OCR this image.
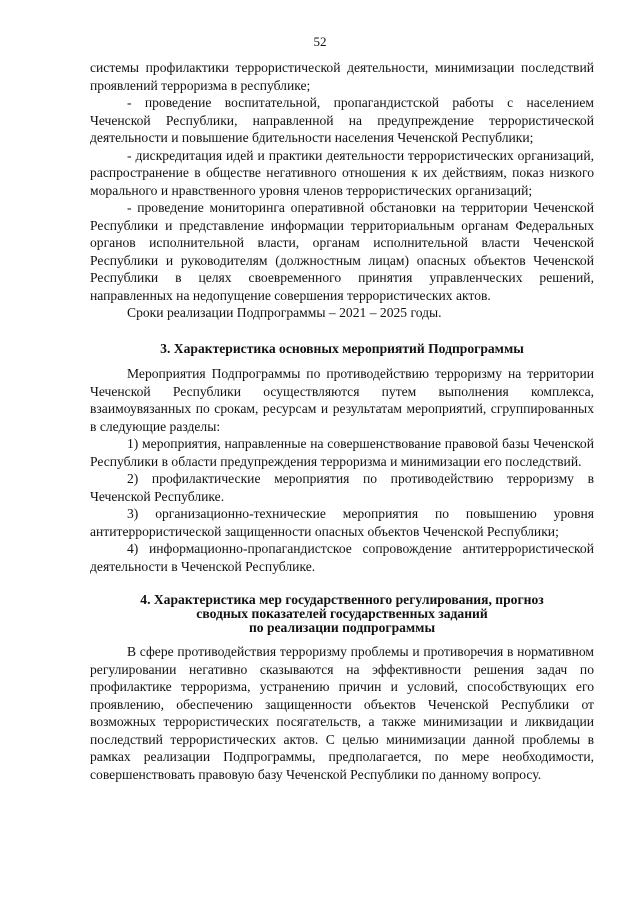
52

системы профилактики террористической деятельности, минимизации последствий проявлений терроризма в республике;

- проведение воспитательной, пропагандистской работы с населением Чеченской Республики, направленной на предупреждение террористической деятельности и повышение бдительности населения Чеченской Республики;

- дискредитация идей и практики деятельности террористических организаций, распространение в обществе негативного отношения к их действиям, показ низкого морального и нравственного уровня членов террористических организаций;

- проведение мониторинга оперативной обстановки на территории Чеченской Республики и представление информации территориальным органам Федеральных органов исполнительной власти, органам исполнительной власти Чеченской Республики и руководителям (должностным лицам) опасных объектов Чеченской Республики в целях своевременного принятия управленческих решений, направленных на недопущение совершения террористических актов.

Сроки реализации Подпрограммы – 2021 – 2025 годы.

3. Характеристика основных мероприятий Подпрограммы

Мероприятия Подпрограммы по противодействию терроризму на территории Чеченской Республики осуществляются путем выполнения комплекса, взаимоувязанных по срокам, ресурсам и результатам мероприятий, сгруппированных в следующие разделы:

1) мероприятия, направленные на совершенствование правовой базы Чеченской Республики в области предупреждения терроризма и минимизации его последствий.

2) профилактические мероприятия по противодействию терроризму в Чеченской Республике.

3) организационно-технические мероприятия по повышению уровня антитеррористической защищенности опасных объектов Чеченской Республики;

4) информационно-пропагандистское сопровождение антитеррористической деятельности в Чеченской Республике.

4. Характеристика мер государственного регулирования, прогноз

сводных показателей государственных заданий

по реализации подпрограммы

В сфере противодействия терроризму проблемы и противоречия в нормативном регулировании негативно сказываются на эффективности решения задач по профилактике терроризма, устранению причин и условий, способствующих его проявлению, обеспечению защищенности объектов Чеченской Республики от возможных террористических посягательств, а также минимизации и ликвидации последствий террористических актов. С целью минимизации данной проблемы в рамках реализации Подпрограммы, предполагается, по мере необходимости, совершенствовать правовую базу Чеченской Республики по данному вопросу.
